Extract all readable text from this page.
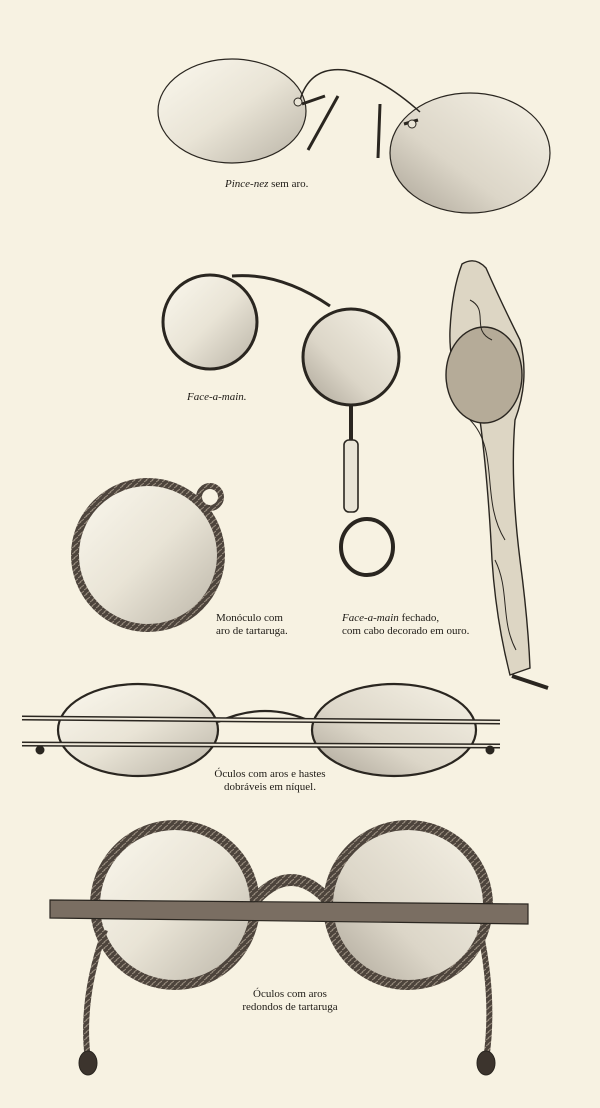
Pince-nez sem aro.
Face-a-main.
Monóculo com
aro de tartaruga.
Face-a-main fechado,
com cabo decorado em ouro.
Óculos com aros e hastes
dobráveis em níquel.
Óculos com aros
redondos de tartaruga
